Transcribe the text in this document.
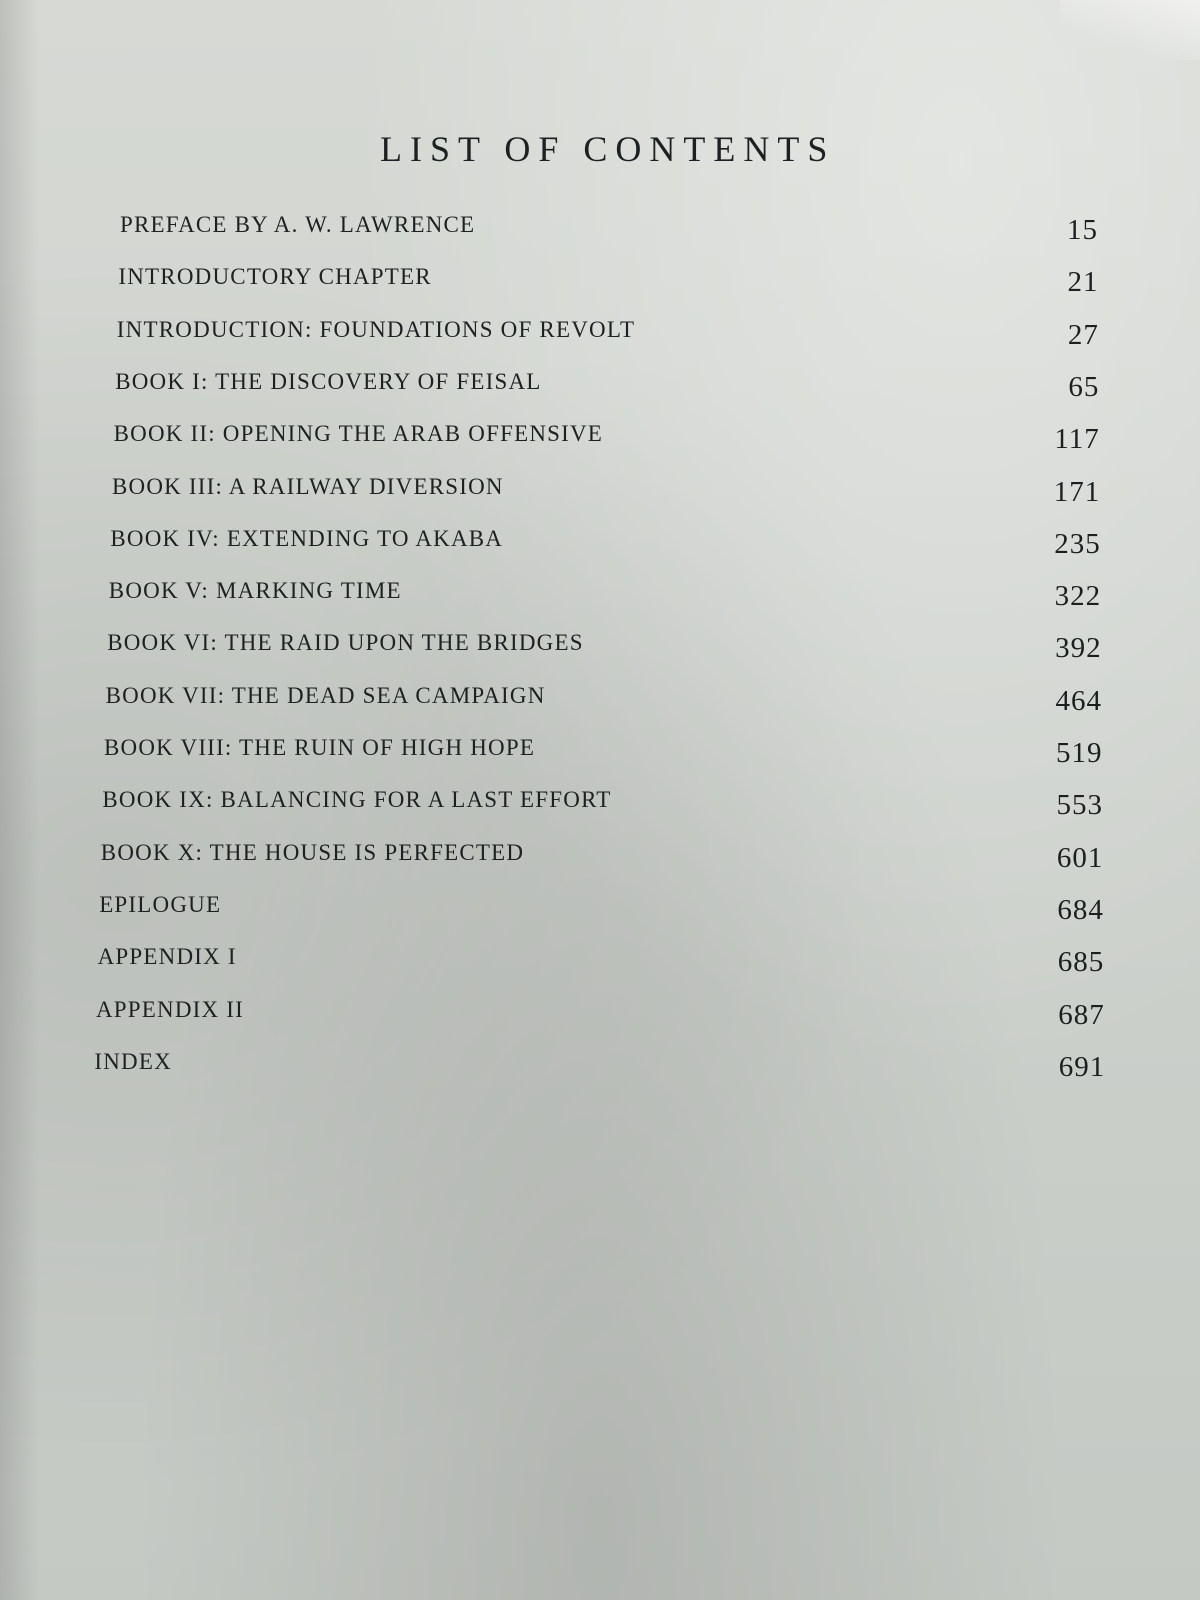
LIST OF CONTENTS
PREFACE BY A. W. LAWRENCE	15
INTRODUCTORY CHAPTER	21
INTRODUCTION: FOUNDATIONS OF REVOLT	27
BOOK I: THE DISCOVERY OF FEISAL	65
BOOK II: OPENING THE ARAB OFFENSIVE	117
BOOK III: A RAILWAY DIVERSION	171
BOOK IV: EXTENDING TO AKABA	235
BOOK V: MARKING TIME	322
BOOK VI: THE RAID UPON THE BRIDGES	392
BOOK VII: THE DEAD SEA CAMPAIGN	464
BOOK VIII: THE RUIN OF HIGH HOPE	519
BOOK IX: BALANCING FOR A LAST EFFORT	553
BOOK X: THE HOUSE IS PERFECTED	601
EPILOGUE	684
APPENDIX I	685
APPENDIX II	687
INDEX	691
